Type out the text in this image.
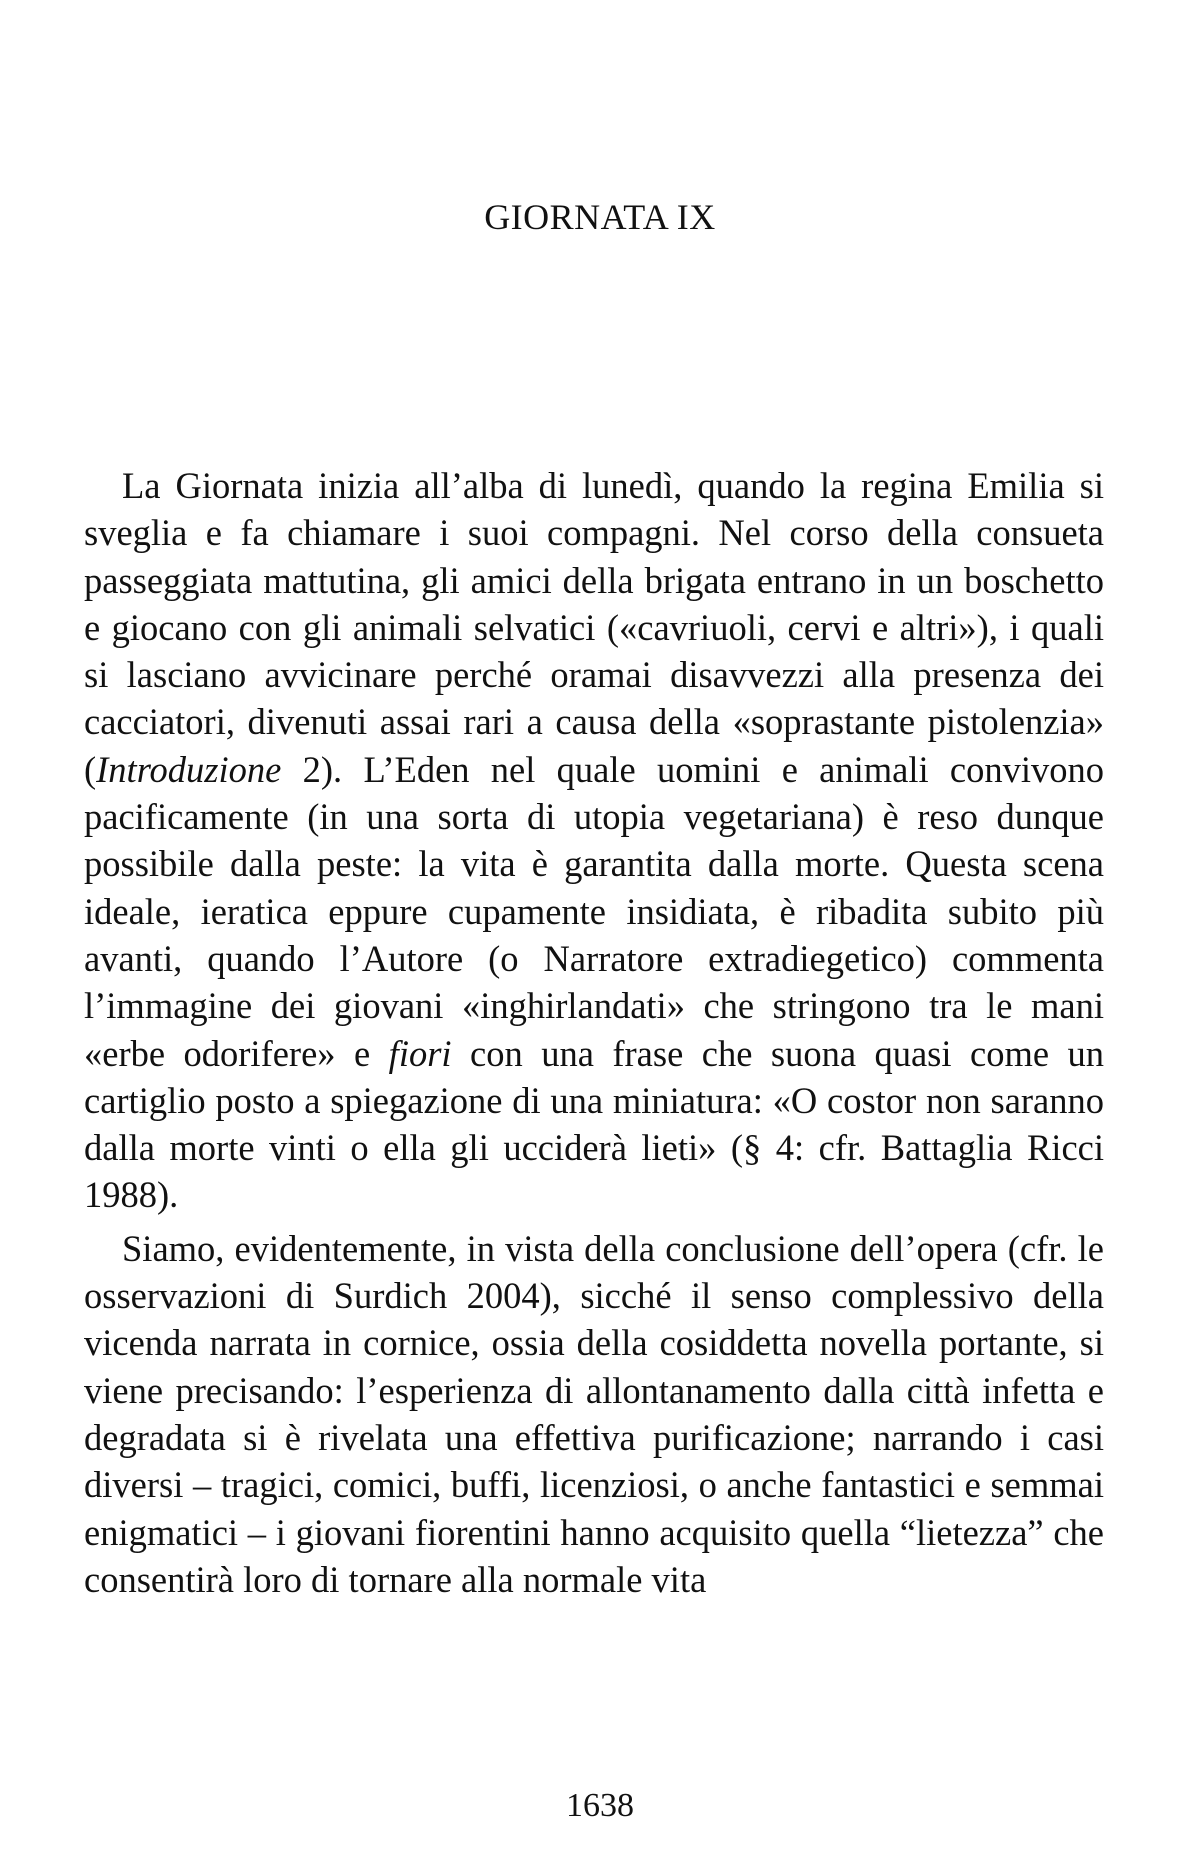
GIORNATA IX

La Giornata inizia all’alba di lunedì, quando la regina Emilia si sveglia e fa chiamare i suoi compagni. Nel corso della consueta passeggiata mattutina, gli amici della brigata entrano in un boschetto e giocano con gli animali selvatici («cavriuoli, cervi e altri»), i quali si lasciano avvicinare perché oramai disavvezzi alla presenza dei cacciatori, divenuti assai rari a causa della «soprastante pistolenzia» (Introduzione 2). L’Eden nel quale uomini e animali convivono pacificamente (in una sorta di utopia vegetariana) è reso dunque possibile dalla peste: la vita è garantita dalla morte. Questa scena ideale, ieratica eppure cupamente insidiata, è ribadita subito più avanti, quando l’Autore (o Narratore extradiegetico) commenta l’immagine dei giovani «inghirlandati» che stringono tra le mani «erbe odorifere» e fiori con una frase che suona quasi come un cartiglio posto a spiegazione di una miniatura: «O costor non saranno dalla morte vinti o ella gli ucciderà lieti» (§ 4: cfr. Battaglia Ricci 1988).

Siamo, evidentemente, in vista della conclusione dell’opera (cfr. le osservazioni di Surdich 2004), sicché il senso complessivo della vicenda narrata in cornice, ossia della cosiddetta novella portante, si viene precisando: l’esperienza di allontanamento dalla città infetta e degradata si è rivelata una effettiva purificazione; narrando i casi diversi – tragici, comici, buffi, licenziosi, o anche fantastici e semmai enigmatici – i giovani fiorentini hanno acquisito quella “lietezza” che consentirà loro di tornare alla normale vita

1638
